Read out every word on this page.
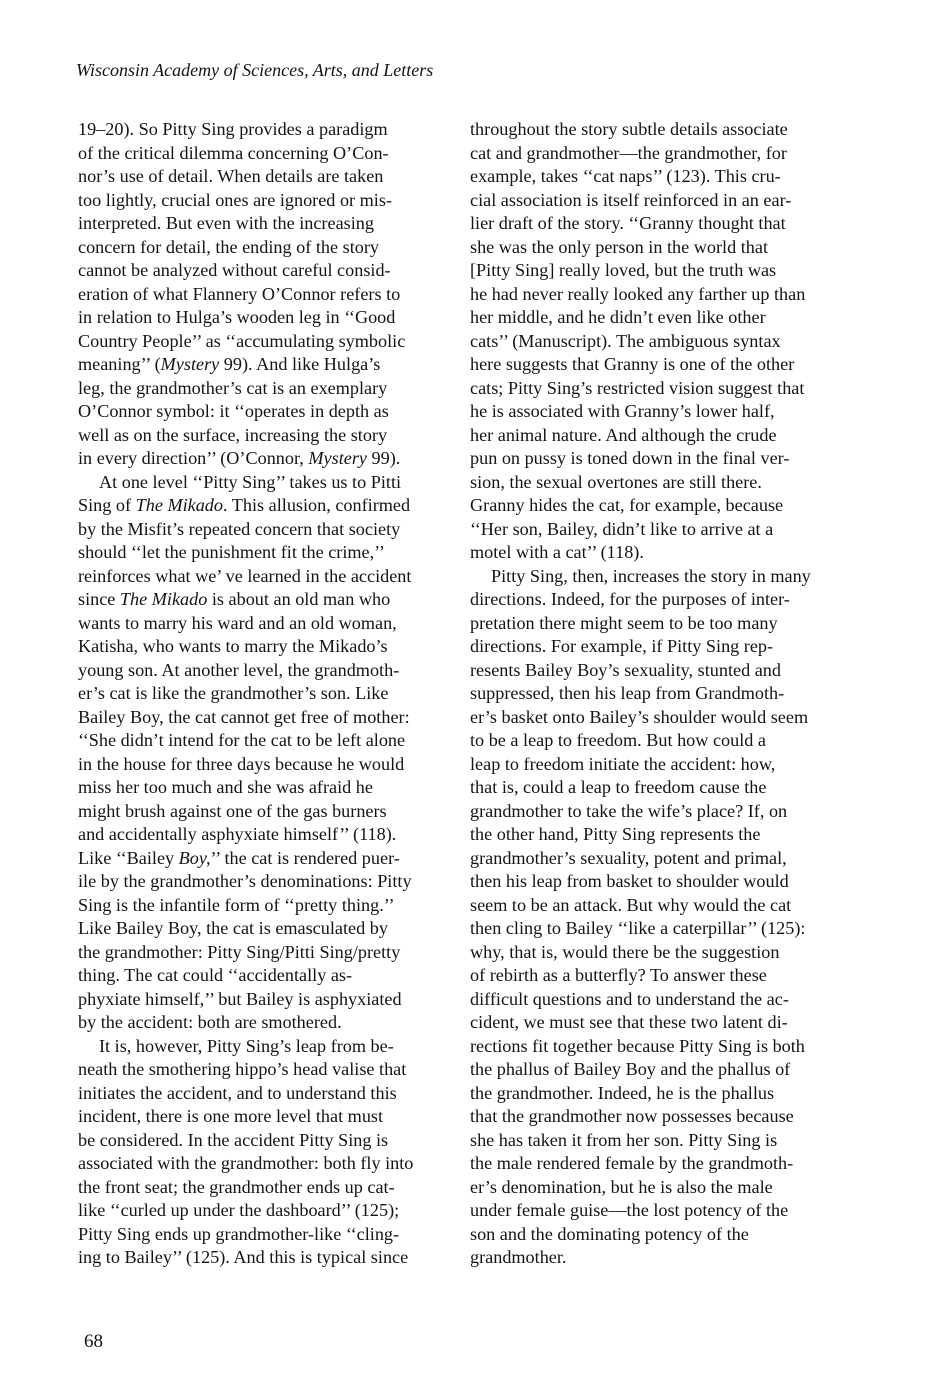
Wisconsin Academy of Sciences, Arts, and Letters
19–20). So Pitty Sing provides a paradigm
of the critical dilemma concerning O’Con-
nor’s use of detail. When details are taken
too lightly, crucial ones are ignored or mis-
interpreted. But even with the increasing
concern for detail, the ending of the story
cannot be analyzed without careful consid-
eration of what Flannery O’Connor refers to
in relation to Hulga’s wooden leg in ‘‘Good
Country People’’ as ‘‘accumulating symbolic
meaning’’ (Mystery 99). And like Hulga’s
leg, the grandmother’s cat is an exemplary
O’Connor symbol: it ‘‘operates in depth as
well as on the surface, increasing the story
in every direction’’ (O’Connor, Mystery 99).
At one level ‘‘Pitty Sing’’ takes us to Pitti
Sing of The Mikado. This allusion, confirmed
by the Misfit’s repeated concern that society
should ‘‘let the punishment fit the crime,’’
reinforces what we’ ve learned in the accident
since The Mikado is about an old man who
wants to marry his ward and an old woman,
Katisha, who wants to marry the Mikado’s
young son. At another level, the grandmoth-
er’s cat is like the grandmother’s son. Like
Bailey Boy, the cat cannot get free of mother:
‘‘She didn’t intend for the cat to be left alone
in the house for three days because he would
miss her too much and she was afraid he
might brush against one of the gas burners
and accidentally asphyxiate himself’’ (118).
Like ‘‘Bailey Boy,’’ the cat is rendered puer-
ile by the grandmother’s denominations: Pitty
Sing is the infantile form of ‘‘pretty thing.’’
Like Bailey Boy, the cat is emasculated by
the grandmother: Pitty Sing/Pitti Sing/pretty
thing. The cat could ‘‘accidentally as-
phyxiate himself,’’ but Bailey is asphyxiated
by the accident: both are smothered.
It is, however, Pitty Sing’s leap from be-
neath the smothering hippo’s head valise that
initiates the accident, and to understand this
incident, there is one more level that must
be considered. In the accident Pitty Sing is
associated with the grandmother: both fly into
the front seat; the grandmother ends up cat-
like ‘‘curled up under the dashboard’’ (125);
Pitty Sing ends up grandmother-like ‘‘cling-
ing to Bailey’’ (125). And this is typical since
throughout the story subtle details associate
cat and grandmother—the grandmother, for
example, takes ‘‘cat naps’’ (123). This cru-
cial association is itself reinforced in an ear-
lier draft of the story. ‘‘Granny thought that
she was the only person in the world that
[Pitty Sing] really loved, but the truth was
he had never really looked any farther up than
her middle, and he didn’t even like other
cats’’ (Manuscript). The ambiguous syntax
here suggests that Granny is one of the other
cats; Pitty Sing’s restricted vision suggest that
he is associated with Granny’s lower half,
her animal nature. And although the crude
pun on pussy is toned down in the final ver-
sion, the sexual overtones are still there.
Granny hides the cat, for example, because
‘‘Her son, Bailey, didn’t like to arrive at a
motel with a cat’’ (118).
Pitty Sing, then, increases the story in many
directions. Indeed, for the purposes of inter-
pretation there might seem to be too many
directions. For example, if Pitty Sing rep-
resents Bailey Boy’s sexuality, stunted and
suppressed, then his leap from Grandmoth-
er’s basket onto Bailey’s shoulder would seem
to be a leap to freedom. But how could a
leap to freedom initiate the accident: how,
that is, could a leap to freedom cause the
grandmother to take the wife’s place? If, on
the other hand, Pitty Sing represents the
grandmother’s sexuality, potent and primal,
then his leap from basket to shoulder would
seem to be an attack. But why would the cat
then cling to Bailey ‘‘like a caterpillar’’ (125):
why, that is, would there be the suggestion
of rebirth as a butterfly? To answer these
difficult questions and to understand the ac-
cident, we must see that these two latent di-
rections fit together because Pitty Sing is both
the phallus of Bailey Boy and the phallus of
the grandmother. Indeed, he is the phallus
that the grandmother now possesses because
she has taken it from her son. Pitty Sing is
the male rendered female by the grandmoth-
er’s denomination, but he is also the male
under female guise—the lost potency of the
son and the dominating potency of the
grandmother.
68
